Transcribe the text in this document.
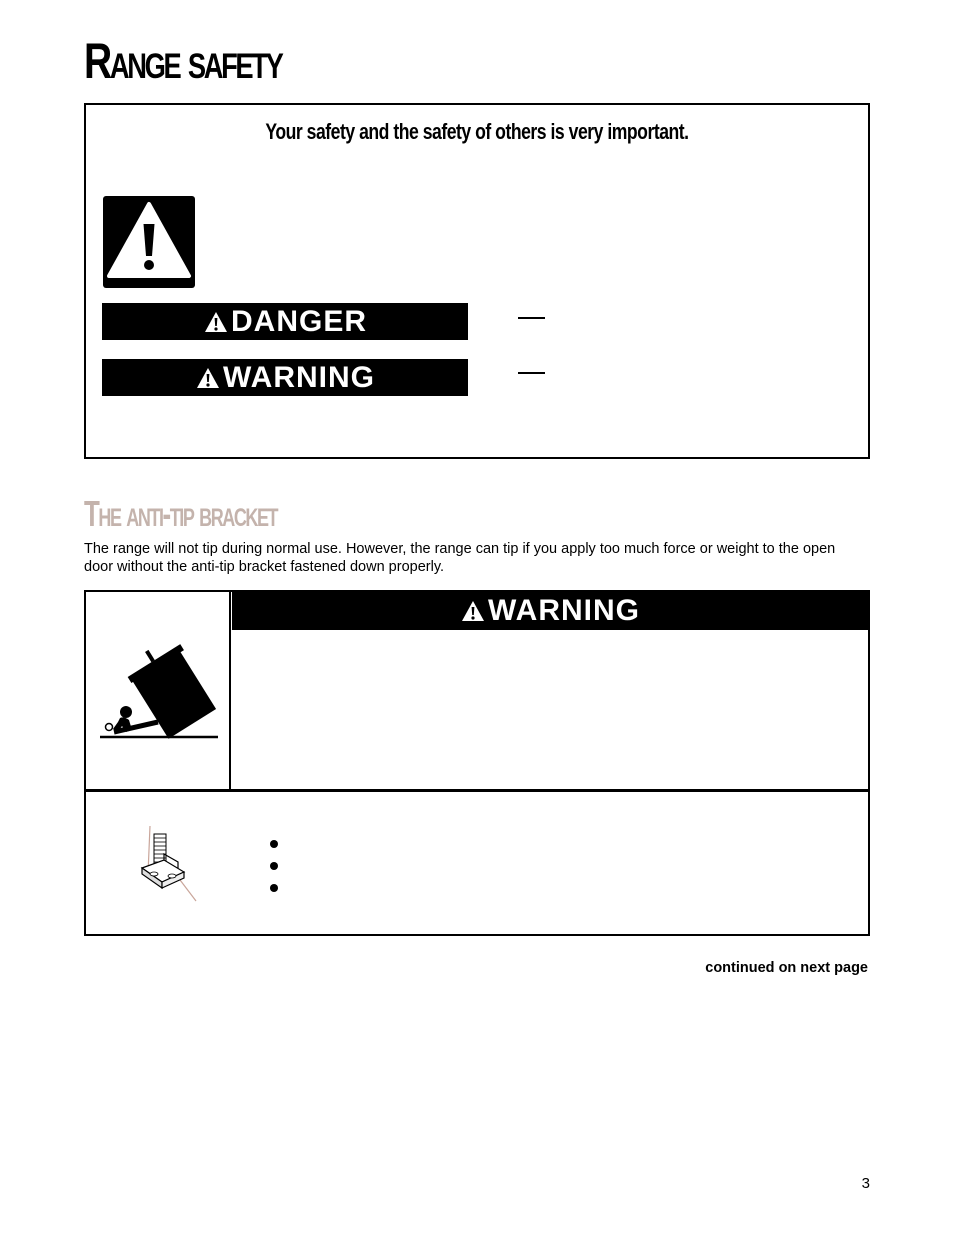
Range safety
Your safety and the safety of others is very important.
DANGER
WARNING
The anti-tip bracket

The range will not tip during normal use. However, the range can tip if you apply too much force or weight to the open door without the anti-tip bracket fastened down properly.

WARNING
continued on next page
3
